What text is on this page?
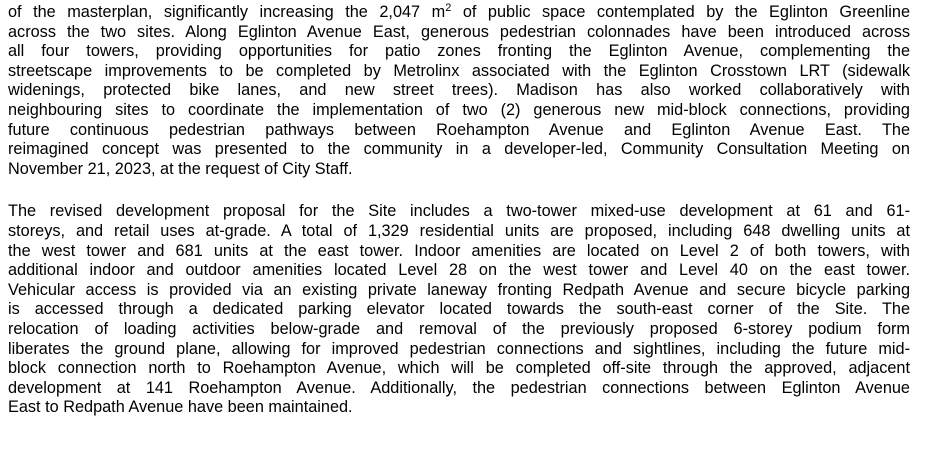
of the masterplan, significantly increasing the 2,047 $m^2$ of public space contemplated by the Eglinton Greenline
across the two sites. Along Eglinton Avenue East, generous pedestrian colonnades have been introduced across
all four towers, providing opportunities for patio zones fronting the Eglinton Avenue, complementing the
streetscape improvements to be completed by Metrolinx associated with the Eglinton Crosstown LRT (sidewalk
widenings, protected bike lanes, and new street trees). Madison has also worked collaboratively with
neighbouring sites to coordinate the implementation of two (2) generous new mid-block connections, providing
future continuous pedestrian pathways between Roehampton Avenue and Eglinton Avenue East. The
reimagined concept was presented to the community in a developer-led, Community Consultation Meeting on
November 21, 2023, at the request of City Staff.
The revised development proposal for the Site includes a two-tower mixed-use development at 61 and 61-
storeys, and retail uses at-grade. A total of 1,329 residential units are proposed, including 648 dwelling units at
the west tower and 681 units at the east tower. Indoor amenities are located on Level 2 of both towers, with
additional indoor and outdoor amenities located Level 28 on the west tower and Level 40 on the east tower.
Vehicular access is provided via an existing private laneway fronting Redpath Avenue and secure bicycle parking
is accessed through a dedicated parking elevator located towards the south-east corner of the Site. The
relocation of loading activities below-grade and removal of the previously proposed 6-storey podium form
liberates the ground plane, allowing for improved pedestrian connections and sightlines, including the future mid-
block connection north to Roehampton Avenue, which will be completed off-site through the approved, adjacent
development at 141 Roehampton Avenue. Additionally, the pedestrian connections between Eglinton Avenue
East to Redpath Avenue have been maintained.
